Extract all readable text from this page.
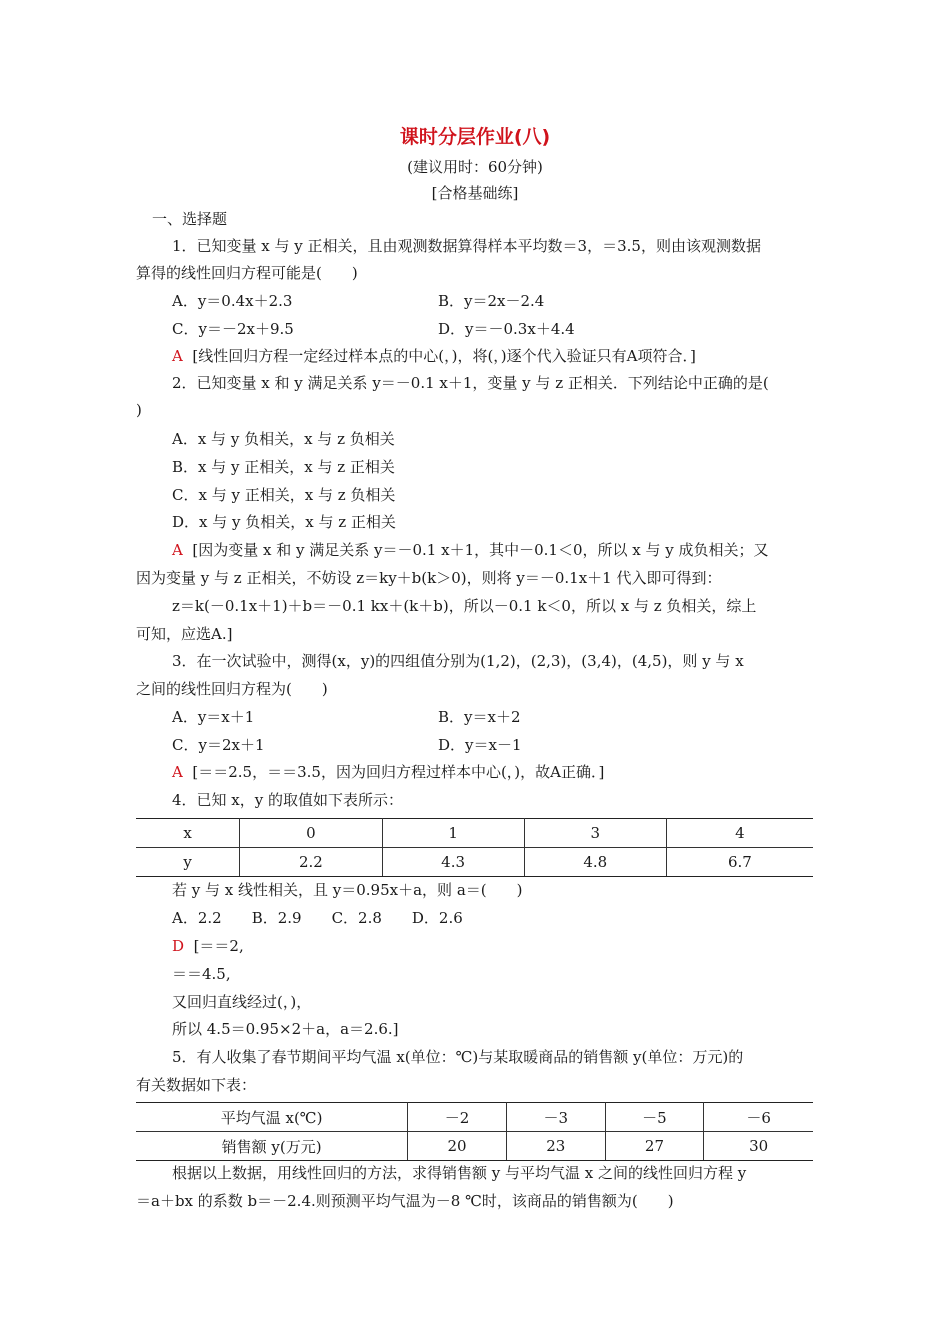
课时分层作业(八)
(建议用时：60分钟)
[合格基础练]
一、选择题
1．已知变量 x 与 y 正相关，且由观测数据算得样本平均数＝3，＝3.5，则由该观测数据
算得的线性回归方程可能是(　　)
A．y＝0.4x＋2.3	B．y＝2x－2.4
C．y＝－2x＋9.5	D．y＝－0.3x＋4.4
A [线性回归方程一定经过样本点的中心(，)，将(，)逐个代入验证只有A项符合．]
2．已知变量 x 和 y 满足关系 y＝－0.1 x＋1，变量 y 与 z 正相关．下列结论中正确的是(
)
A．x 与 y 负相关，x 与 z 负相关
B．x 与 y 正相关，x 与 z 正相关
C．x 与 y 正相关，x 与 z 负相关
D．x 与 y 负相关，x 与 z 正相关
A [因为变量 x 和 y 满足关系 y＝－0.1 x＋1，其中－0.1＜0，所以 x 与 y 成负相关；又
因为变量 y 与 z 正相关，不妨设 z＝ky＋b(k＞0)，则将 y＝－0.1x＋1 代入即可得到：
z＝k(－0.1x＋1)＋b＝－0.1 kx＋(k＋b)，所以－0.1 k＜0，所以 x 与 z 负相关，综上
可知，应选A.]
3．在一次试验中，测得(x，y)的四组值分别为(1,2)，(2,3)，(3,4)，(4,5)，则 y 与 x
之间的线性回归方程为(　　)
A．y＝x＋1	B．y＝x＋2
C．y＝2x＋1	D．y＝x－1
A [＝＝2.5，＝＝3.5，因为回归方程过样本中心(，)，故A正确．]
4．已知 x，y 的取值如下表所示：
x	0	1	3	4
y	2.2	4.3	4.8	6.7
若 y 与 x 线性相关，且 y＝0.95x＋a，则 a＝(　　)
A．2.2　　B．2.9　　C．2.8　　D．2.6
D [＝＝2,
＝＝4.5,
又回归直线经过(，)，
所以 4.5＝0.95×2＋a，a＝2.6.]
5．有人收集了春节期间平均气温 x(单位：℃)与某取暖商品的销售额 y(单位：万元)的
有关数据如下表：
平均气温 x(℃)	－2	－3	－5	－6
销售额 y(万元)	20	23	27	30
根据以上数据，用线性回归的方法，求得销售额 y 与平均气温 x 之间的线性回归方程 y
＝a＋bx 的系数 b＝－2.4.则预测平均气温为－8 ℃时，该商品的销售额为(　　)
